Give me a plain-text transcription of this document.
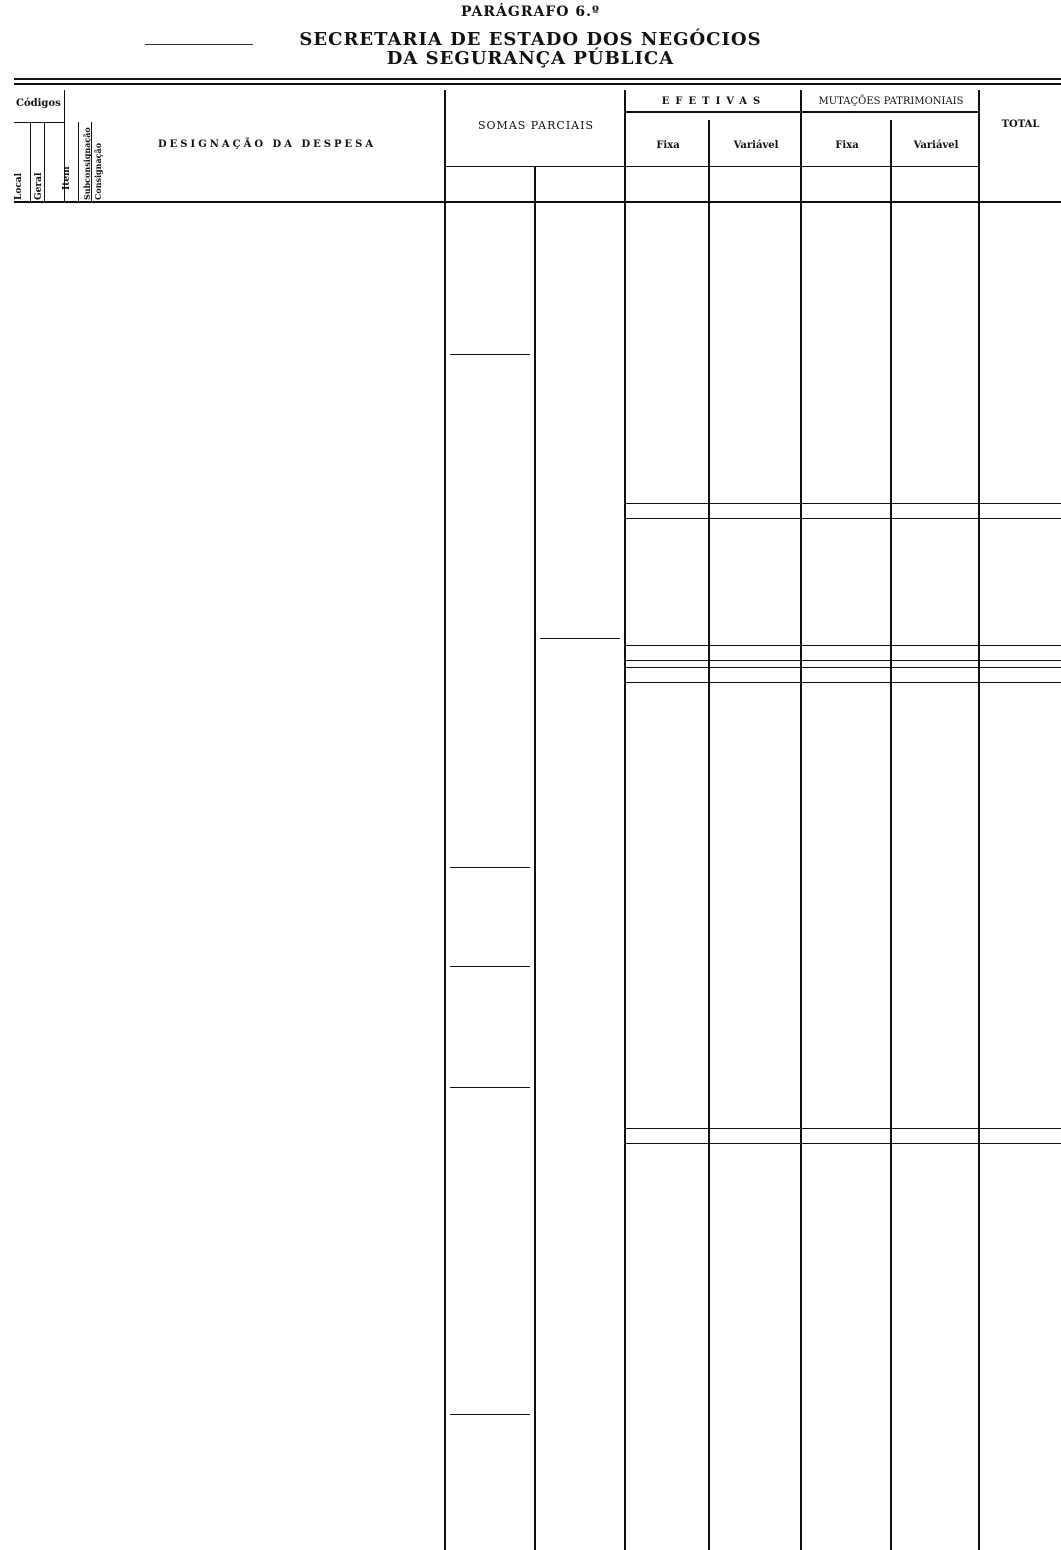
PARÁGRAFO 6.º
SECRETARIA DE ESTADO DOS NEGÓCIOS
DA SEGURANÇA PÚBLICA
Códigos
Local Geral Item Subconsignação Consignação	DESIGNAÇÃO DA DESPESA
SOMAS PARCIAIS
EFETIVAS	MUTAÇÕES PATRIMONIAIS
TOTAL
Fixa	Variável	Fixa	Variável
